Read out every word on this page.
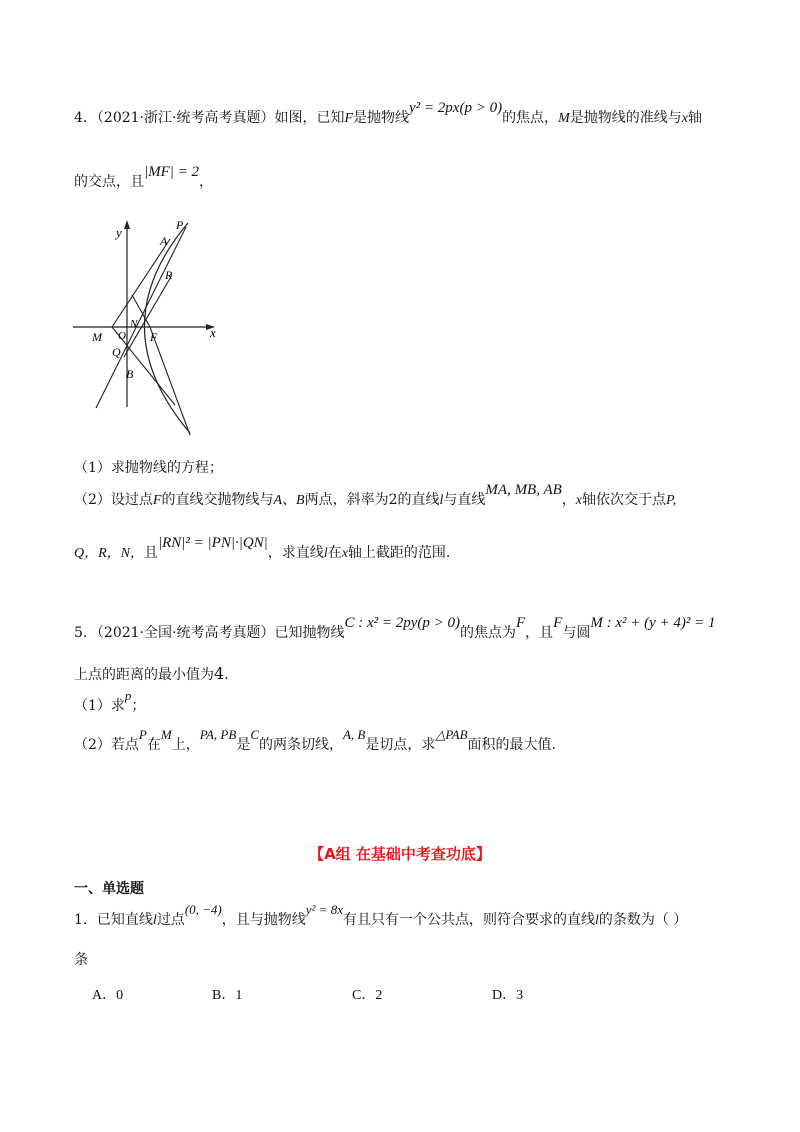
4．（2021·浙江·统考高考真题）如图，已知F是抛物线y² = 2px(p > 0)的焦点，M是抛物线的准线与x轴
的交点，且|MF| = 2，
y
x
P
A
R
N
M O F
Q
B
（1）求抛物线的方程；
（2）设过点F的直线交抛物线与A、B两点，斜率为2的直线l与直线MA, MB, AB，x轴依次交于点P,
Q，R，N，且|RN|² = |PN|·|QN|，求直线l在x轴上截距的范围.
5．（2021·全国·统考高考真题）已知抛物线C : x² = 2py(p > 0)的焦点为F，且F与圆M : x² + (y + 4)² = 1
上点的距离的最小值为4.
（1）求p；
（2）若点P在M上，PA, PB是C的两条切线，A, B是切点，求△PAB面积的最大值.
【A组 在基础中考查功底】
一、单选题
1．已知直线l过点(0, −4)，且与抛物线y² = 8x有且只有一个公共点，则符合要求的直线l的条数为（ ）
条
A．0	B．1	C．2	D．3
